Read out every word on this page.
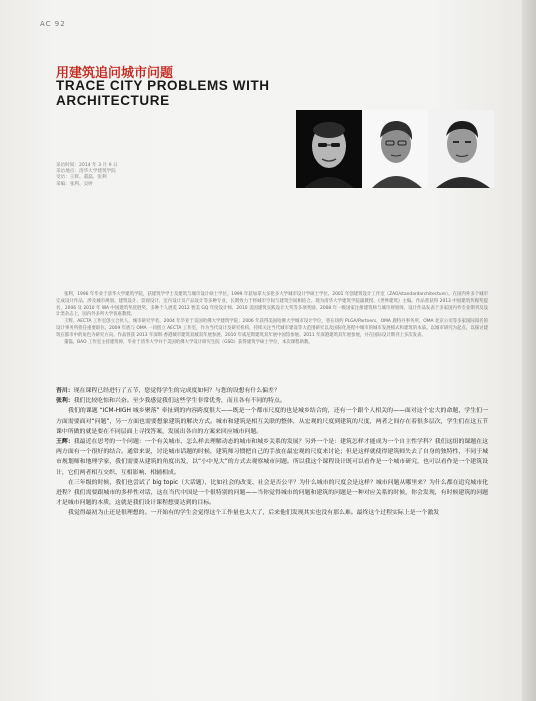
AC 92
用建筑追问城市问题
TRACE CITY PROBLEMS WITH ARCHITECTURE
采访时间：2014 年 3 月 9 日
采访地点：清华大学建筑学院
受访：王辉、董磊、张利
采编：张利、吴婷

张利，1996 年毕业于清华大学建筑学院，获建筑学学士及建筑与城市设计硕士学位。1999 年获加拿大多伦多大学城市设计学硕士学位。2001 年创建筑设计工作室（ZAO/standardarchitecture）。在国内外多个城市完成设计作品，涉及城市规划、建筑设计、景观设计、室内设计及产品设计等多种专业，长期致力于将城市空间与建筑空间相结合。现为清华大学建筑学院副教授、《世界建筑》主编。作品曾获得 2013 中国建筑传媒奖提名、2006 及 2010 年 WA 中国建筑奖优胜奖、多种个人展览 2012 智美 GQ 年度设计师、2010 美国建筑实践设计大奖等多项奖励。2008 年一级国家注册建筑师与城市规划师，设计作品发表于多家国内外专业期刊及设计类杂志上，国内外多所大学客座教授。

王辉，AECTA 工作室创立合伙人、城市研究学者。2004 年毕业于美国哈佛大学建筑学院；2006 年获得美国哈佛大学城市设计学位，曾在纽约 PLGA/Partners、OMA 鹿特丹事务所、OMA 北京公司等多家国际知名的设计事务所担任重要职位。2009 年底与 OMA 一同创立 AECTA 工作室，作为当代设计及研究机构，持续关注当代城市建设等大范围研究以及国际化进程中城市的城市发展模式和建筑的本质。以城市研究为起点，以探讨建筑在都市中的角色为研究方向。作品曾获 2013 年深圳·香港城市建筑双城双年展参展、2010 年威尼斯建筑双年展中国馆参展、2011 年深港建筑双年展参展，并在国际设计期刊上多次发表。

董磊，BAO 工作室主持建筑师，毕业于清华大学并于美国哈佛大学设计研究生院（GSD）获得建筑学硕士学位，本次课程助教。

吾川：现在课程已经进行了五节，您觉得学生的完成度如何？与您的设想有什么偏差？

张利：我们比较吃惊和兴奋。至少我感觉我们这些学生非常优秀，而且各有不同的特点。

我们的课题 “ICM-HIGH 城乡聚落” 牵扯到的内容跨度很大——既是一个都市尺度的也是城乡结合的，还有一个跟个人相关的——面对这个宏大的命题，学生们一方面需要面对“问题”，另一方面也需要想象建筑的解决方式。城市和建筑是相互关联的整体，从宏观的尺度到建筑的尺度，两者之间存在着很多层次，学生们在这五节课中所做的就是要在不同层面上寻找答案，发展出各自的方案来回应城市问题。

王辉：我最近在思考的一个问题：一个有关城市、怎么样去理解动态的城市和城乡关系的发展？另外一个是：建筑怎样才能成为一个自主性学科？我们这组的课题在这两方面有一个很好的结合。通常来说，讨论城市话题的时候，建筑师习惯把自己的手放在最宏观的尺度来讨论；但是这样就使得建筑师失去了自身的独特性，不同于城市规划师和地理学家，我们需要从建筑的角度出发，以“小中见大”的方式去观察城市问题。所以我这个课程设计既可以看作是一个城市研究，也可以看作是一个建筑设计，它们两者相互交织、互相影响、相辅相成。

在三年级的时候，我们也尝试了 big topic（大话题），比如社会的改变、社会是否公平？为什么城市的尺度会是这样？城市问题从哪里来？为什么都在追究城市化进程？我们需要跟城市的多样性对话，这在当代中国是一个很特别的问题——当你觉得城市的问题和建筑的问题是一种对应关系的时候，你会发现，有时候建筑的问题才是城市问题的本质，这就是我们设计课程想要达到的目标。

我觉得最初为止还是很理想的。一开始有的学生会觉得这个工作量也太大了，后来他们发现其实也没有那么难。最终这个过程实际上是一个激发
